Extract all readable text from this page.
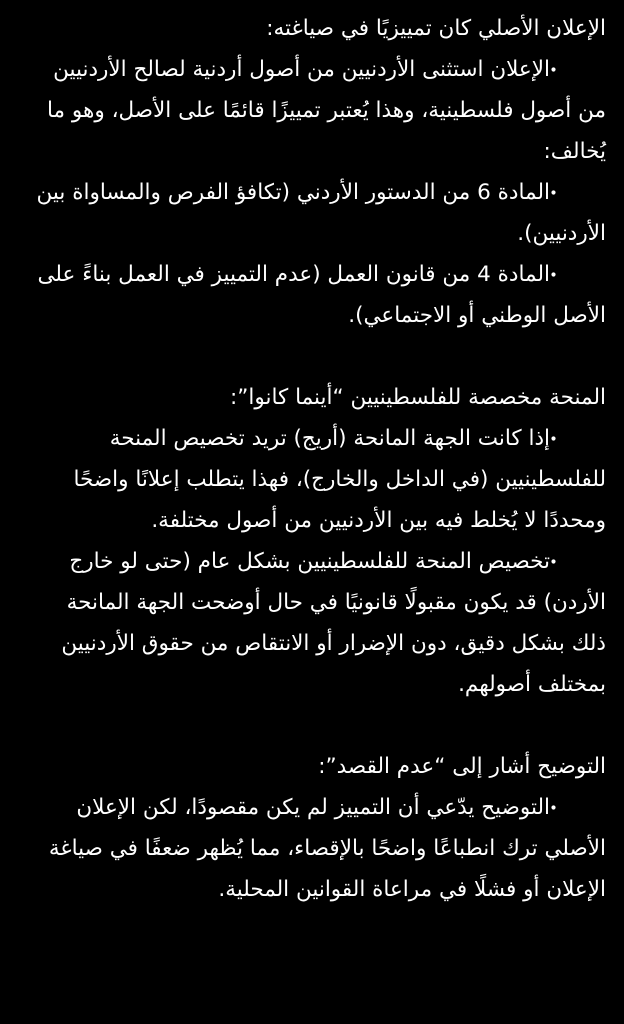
الإعلان الأصلي كان تمييزيًا في صياغته:

الإعلان استثنى الأردنيين من أصول أردنية لصالح الأردنيين من أصول فلسطينية، وهذا يُعتبر تمييزًا قائمًا على الأصل، وهو ما يُخالف:
المادة 6 من الدستور الأردني (تكافؤ الفرص والمساواة بين الأردنيين).
المادة 4 من قانون العمل (عدم التمييز في العمل بناءً على الأصل الوطني أو الاجتماعي).

المنحة مخصصة للفلسطينيين “أينما كانوا”:

إذا كانت الجهة المانحة (أريج) تريد تخصيص المنحة للفلسطينيين (في الداخل والخارج)، فهذا يتطلب إعلانًا واضحًا ومحددًا لا يُخلط فيه بين الأردنيين من أصول مختلفة.
تخصيص المنحة للفلسطينيين بشكل عام (حتى لو خارج الأردن) قد يكون مقبولًا قانونيًا في حال أوضحت الجهة المانحة ذلك بشكل دقيق، دون الإضرار أو الانتقاص من حقوق الأردنيين بمختلف أصولهم.

التوضيح أشار إلى “عدم القصد”:

التوضيح يدّعي أن التمييز لم يكن مقصودًا، لكن الإعلان الأصلي ترك انطباعًا واضحًا بالإقصاء، مما يُظهر ضعفًا في صياغة الإعلان أو فشلًا في مراعاة القوانين المحلية.
